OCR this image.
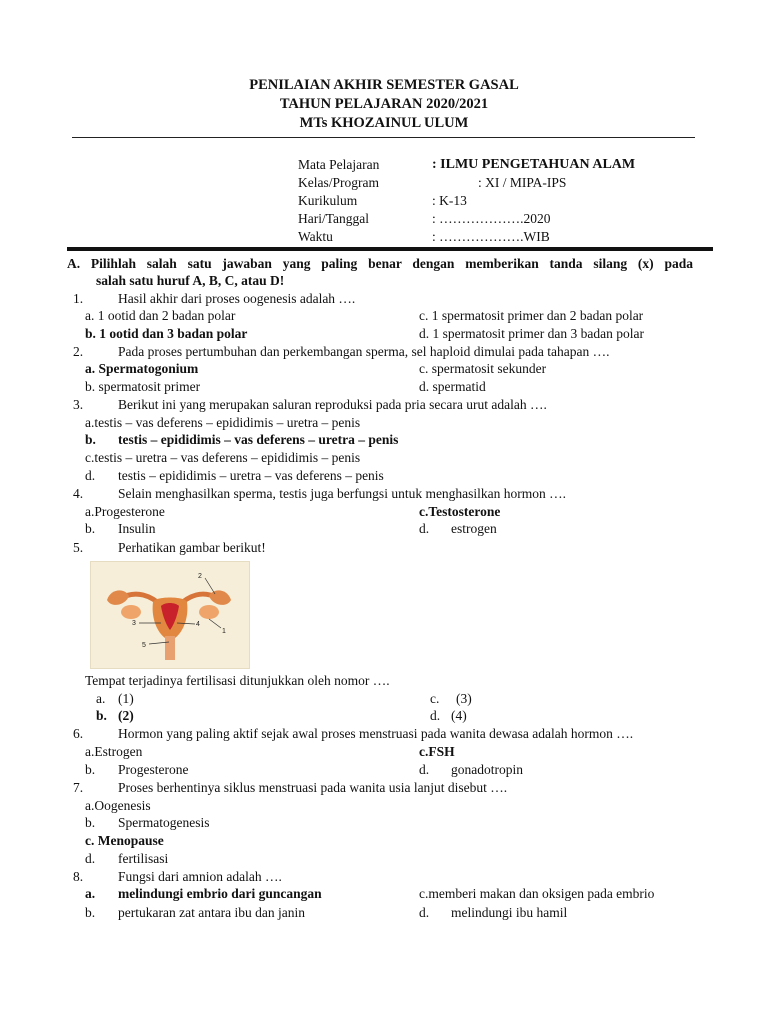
PENILAIAN AKHIR SEMESTER GASAL
TAHUN PELAJARAN 2020/2021
MTs KHOZAINUL ULUM
Mata Pelajaran	: ILMU PENGETAHUAN ALAM
Kelas/Program	: XI / MIPA-IPS
Kurikulum	: K-13
Hari/Tanggal	: ……………….2020
Waktu	: ……………….WIB
A. Pilihlah salah satu jawaban yang paling benar dengan memberikan tanda silang (x) pada
salah satu huruf A, B, C, atau D!
1.	Hasil akhir dari proses oogenesis adalah ….
a. 1 ootid dan 2 badan polar
b. 1 ootid dan 3 badan polar
c. 1 spermatosit primer dan 2 badan polar
d. 1 spermatosit primer dan 3 badan polar
2.	Pada proses pertumbuhan dan perkembangan sperma, sel haploid dimulai pada tahapan ….
a. Spermatogonium
b. spermatosit primer
c. spermatosit sekunder
d. spermatid
3.	Berikut ini yang merupakan saluran reproduksi pada pria secara urut adalah ….
a.testis – vas deferens – epididimis – uretra – penis
b. testis – epididimis – vas deferens – uretra – penis
c.testis – uretra – vas deferens – epididimis – penis
d. testis – epididimis – uretra – vas deferens – penis
4.	Selain menghasilkan sperma, testis juga berfungsi untuk menghasilkan hormon ….
a.Progesterone
b. Insulin
c.Testosterone
d. estrogen
5.	Perhatikan gambar berikut!
2
3	4
1
5
Tempat terjadinya fertilisasi ditunjukkan oleh nomor ….
a. (1)
b. (2)
c. (3)
d. (4)
6.	Hormon yang paling aktif sejak awal proses menstruasi pada wanita dewasa adalah hormon ….
a.Estrogen
b. Progesterone
c.FSH
d. gonadotropin
7.	Proses berhentinya siklus menstruasi pada wanita usia lanjut disebut ….
a.Oogenesis
b. Spermatogenesis
c. Menopause
d. fertilisasi
8.	Fungsi dari amnion adalah ….
a. melindungi embrio dari guncangan
b. pertukaran zat antara ibu dan janin
c.memberi makan dan oksigen pada embrio
d. melindungi ibu hamil
